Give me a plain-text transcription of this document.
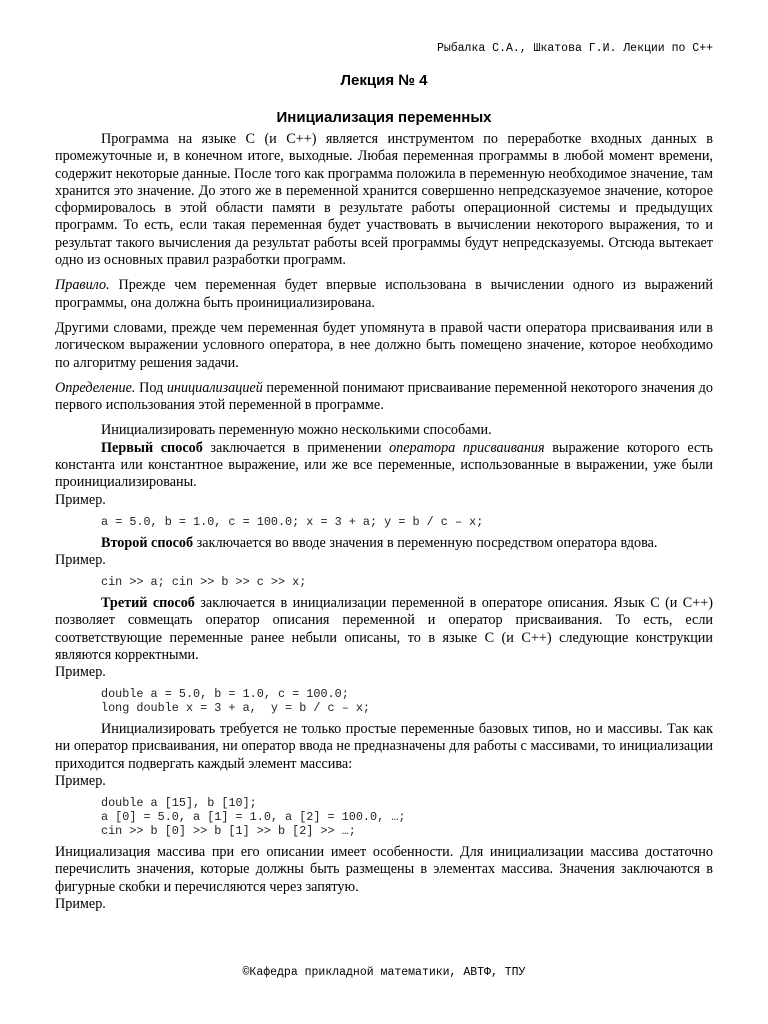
Рыбалка С.А., Шкатова Г.И. Лекции по С++
Лекция № 4
Инициализация переменных

Программа на языке С (и С++) является инструментом по переработке входных данных в промежуточные и, в конечном итоге, выходные. Любая переменная программы в любой момент времени, содержит некоторые данные. После того как программа положила в переменную необходимое значение, там хранится это значение. До этого же в переменной хранится совершенно непредсказуемое значение, которое сформировалось в этой области памяти в результате работы операционной системы и предыдущих программ. То есть, если такая переменная будет участвовать в вычислении некоторого выражения, то и результат такого вычисления да результат работы всей программы будут непредсказуемы. Отсюда вытекает одно из основных правил разработки программ.

Правило. Прежде чем переменная будет впервые использована в вычислении одного из выражений программы, она должна быть проинициализирована.

Другими словами, прежде чем переменная будет упомянута в правой части оператора присваивания или в логическом выражении условного оператора, в нее должно быть помещено значение, которое необходимо по алгоритму решения задачи.

Определение. Под инициализацией переменной понимают присваивание переменной некоторого значения до первого использования этой переменной в программе.

Инициализировать переменную можно несколькими способами.

Первый способ заключается в применении оператора присваивания выражение которого есть константа или константное выражение, или же все переменные, использованные в выражении, уже были проинициализированы.

Пример.
a = 5.0, b = 1.0, c = 100.0; x = 3 + a; y = b / c – x;

Второй способ заключается во вводе значения в переменную посредством оператора вдова.

Пример.
cin >> a; cin >> b >> c >> x;

Третий способ заключается в инициализации переменной в операторе описания. Язык С (и С++) позволяет совмещать оператор описания переменной и оператор присваивания. То есть, если соответствующие переменные ранее небыли описаны, то в языке С (и С++) следующие конструкции являются корректными.

Пример.
double a = 5.0, b = 1.0, c = 100.0;
long double x = 3 + a,  y = b / c – x;

Инициализировать требуется не только простые переменные базовых типов, но и массивы. Так как ни оператор присваивания, ни оператор ввода не предназначены для работы с массивами, то инициализации приходится подвергать каждый элемент массива:

Пример.
double a [15], b [10];
a [0] = 5.0, a [1] = 1.0, a [2] = 100.0, …;
cin >> b [0] >> b [1] >> b [2] >> …;

Инициализация массива при его описании имеет особенности. Для инициализации массива достаточно перечислить значения, которые должны быть размещены в элементах массива. Значения заключаются в фигурные скобки и перечисляются через запятую.

Пример.
©Кафедра прикладной математики, АВТФ, ТПУ
